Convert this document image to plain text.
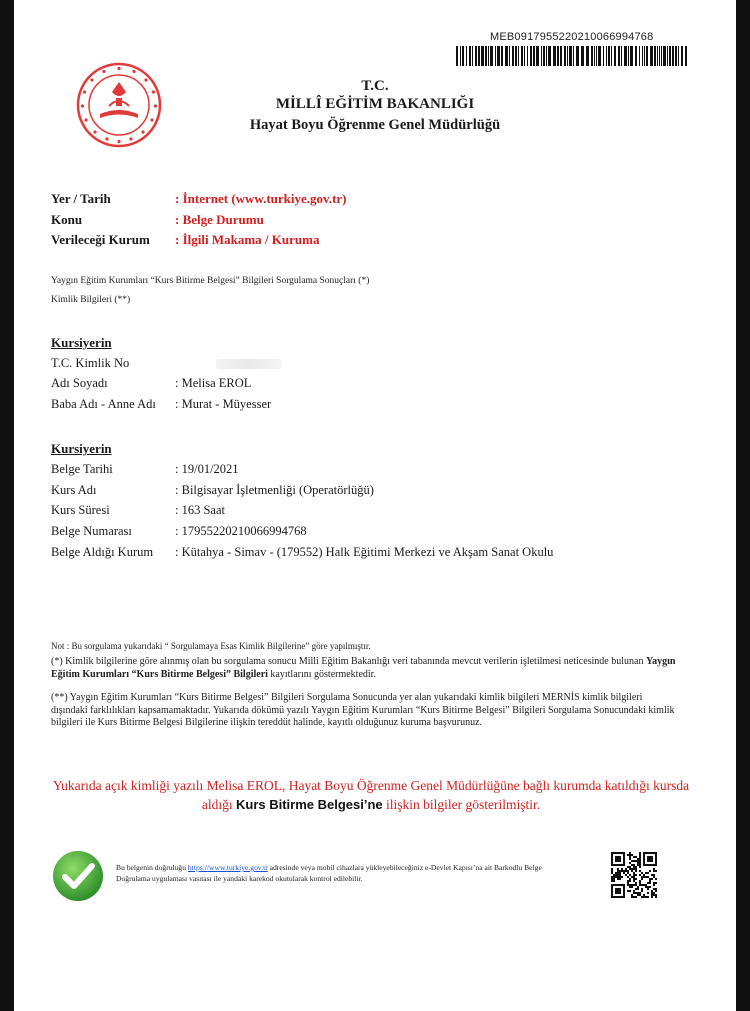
MEB0917955220210066994768
T.C.
MİLLÎ EĞİTİM BAKANLIĞI
Hayat Boyu Öğrenme Genel Müdürlüğü
Yer / Tarih	: İnternet (www.turkiye.gov.tr)
Konu	: Belge Durumu
Verileceği Kurum : İlgili Makama / Kuruma
Yaygın Eğitim Kurumları “Kurs Bitirme Belgesi” Bilgileri Sorgulama Sonuçları (*)
Kimlik Bilgileri (**)
Kursiyerin
T.C. Kimlik No
Adı Soyadı	: Melisa EROL
Baba Adı - Anne Adı : Murat - Müyesser
Kursiyerin
Belge Tarihi	: 19/01/2021
Kurs Adı	: Bilgisayar İşletmenliği (Operatörlüğü)
Kurs Süresi	: 163 Saat
Belge Numarası	: 17955220210066994768
Belge Aldığı Kurum : Kütahya - Simav - (179552) Halk Eğitimi Merkezi ve Akşam Sanat Okulu
Not : Bu sorgulama yukarıdaki “ Sorgulamaya Esas Kimlik Bilgilerine” göre yapılmıştır.
(*) Kimlik bilgilerine göre alınmış olan bu sorgulama sonucu Milli Eğitim Bakanlığı veri tabanında mevcut verilerin işletilmesi neticesinde bulunan Yaygın Eğitim Kurumları “Kurs Bitirme Belgesi” Bilgileri kayıtlarını göstermektedir.
(**) Yaygın Eğitim Kurumları “Kurs Bitirme Belgesi” Bilgileri Sorgulama Sonucunda yer alan yukarıdaki kimlik bilgileri MERNİS kimlik bilgileri dışındaki farklılıkları kapsamamaktadır. Yukarıda dökümü yazılı Yaygın Eğitim Kurumları “Kurs Bitirme Belgesi” Bilgileri Sorgulama Sonucundaki kimlik bilgileri ile Kurs Bitirme Belgesi Bilgilerine ilişkin tereddüt halinde, kayıtlı olduğunuz kuruma başvurunuz.
Yukarıda açık kimliği yazılı Melisa EROL, Hayat Boyu Öğrenme Genel Müdürlüğüne bağlı kurumda katıldığı kursda aldığı Kurs Bitirme Belgesi’ne ilişkin bilgiler gösterilmiştir.
Bu belgenin doğruluğu https://www.turkiye.gov.tr adresinde veya mobil cihazlara yükleyebileceğiniz e-Devlet Kapısı’na ait Barkodlu Belge Doğrulama uygulaması vasıtası ile yandaki karekod okutularak kontrol edilebilir.
